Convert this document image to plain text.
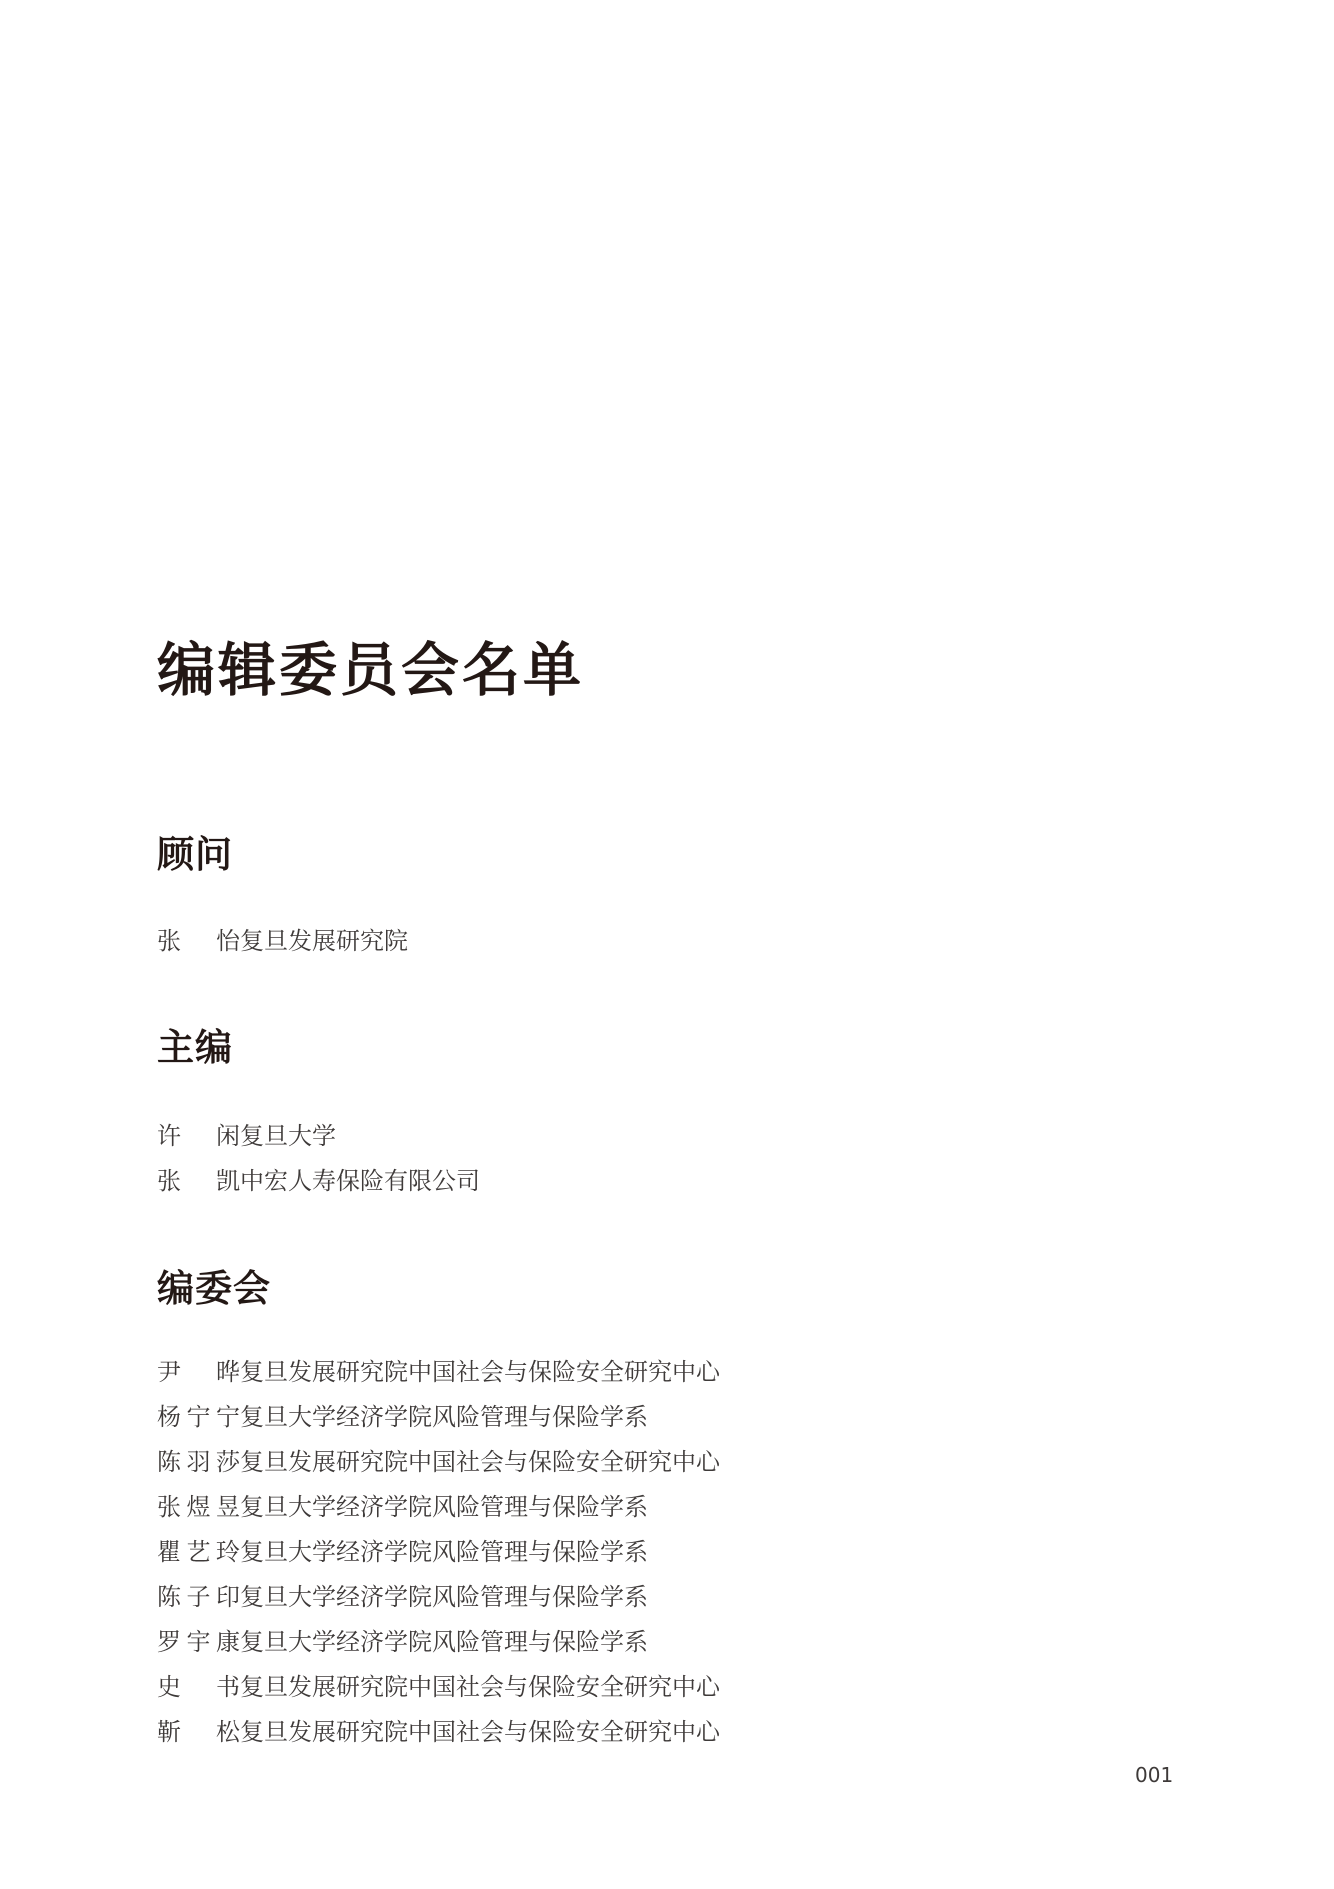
编辑委员会名单
顾问
张怡 复旦发展研究院
主编
许闲 复旦大学
张凯 中宏人寿保险有限公司
编委会
尹晔 复旦发展研究院中国社会与保险安全研究中心
杨宁宁 复旦大学经济学院风险管理与保险学系
陈羽莎 复旦发展研究院中国社会与保险安全研究中心
张煜昱 复旦大学经济学院风险管理与保险学系
瞿艺玲 复旦大学经济学院风险管理与保险学系
陈子印 复旦大学经济学院风险管理与保险学系
罗宇康 复旦大学经济学院风险管理与保险学系
史书 复旦发展研究院中国社会与保险安全研究中心
靳松 复旦发展研究院中国社会与保险安全研究中心
001
